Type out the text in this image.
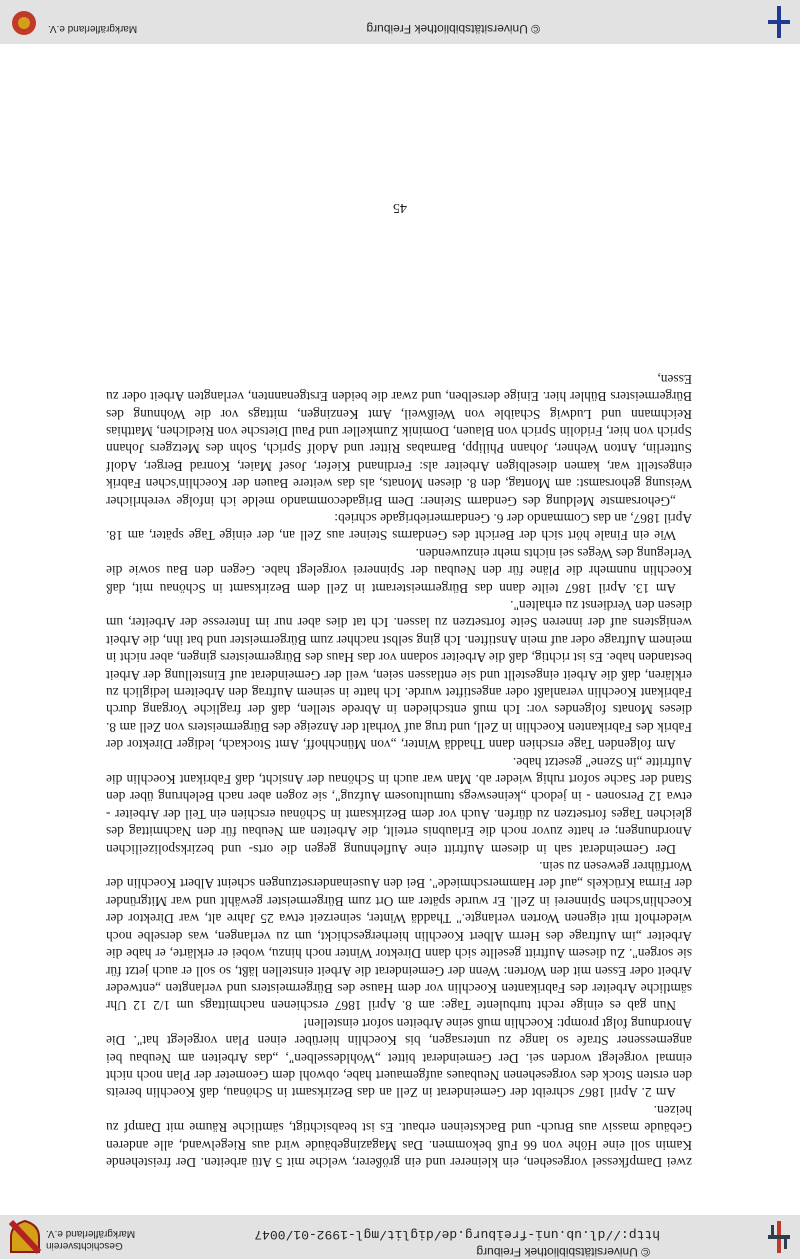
© Universitätsbibliothek Freiburg
http://dl.ub.uni-freiburg.de/diglit/mgl-1992-01/0047
Geschichtsverein
Markgräflerland e.V.

zwei Dampfkessel vorgesehen, ein kleinerer und ein größerer, welche mit 5 Atü arbeiten. Der freistehende Kamin soll eine Höhe von 66 Fuß bekommen. Das Magazingebäude wird aus Riegelwand, alle anderen Gebäude massiv aus Bruch- und Backsteinen erbaut. Es ist beabsichtigt, sämtliche Räume mit Dampf zu heizen.

Am 2. April 1867 schreibt der Gemeinderat in Zell an das Bezirksamt in Schönau, daß Koechlin bereits den ersten Stock des vorgesehenen Neubaues aufgemauert habe, obwohl dem Geometer der Plan noch nicht einmal vorgelegt worden sei. Der Gemeinderat bittet „Wohldesselben", „das Arbeiten am Neubau bei angemessener Strafe so lange zu untersagen, bis Koechlin hierüber einen Plan vorgelegt hat". Die Anordnung folgt prompt: Koechlin muß seine Arbeiten sofort einstellen!

Nun gab es einige recht turbulente Tage: am 8. April 1867 erschienen nachmittags um 1/2 12 Uhr sämtliche Arbeiter des Fabrikanten Koechlin vor dem Hause des Bürgermeisters und verlangten „entweder Arbeit oder Essen mit den Worten: Wenn der Gemeinderat die Arbeit einstellen läßt, so soll er auch jetzt für sie sorgen". Zu diesem Auftritt gesellte sich dann Direktor Winter noch hinzu, wobei er erklärte, er habe die Arbeiter „im Auftrage des Herrn Albert Koechlin hierhergeschickt, um zu verlangen, was derselbe noch wiederholt mit eigenen Worten verlangte." Thaddä Winter, seinerzeit etwa 25 Jahre alt, war Direktor der Koechlin'schen Spinnerei in Zell. Er wurde später am Ort zum Bürgermeister gewählt und war Mitgründer der Firma Krückels „auf der Hammerschmiede". Bei den Auseinandersetzungen scheint Albert Koechlin der Wortführer gewesen zu sein.

Der Gemeinderat sah in diesem Auftritt eine Auflehnung gegen die orts- und bezirkspolizeilichen Anordnungen; er hatte zuvor noch die Erlaubnis erteilt, die Arbeiten am Neubau für den Nachmittag des gleichen Tages fortsetzen zu dürfen. Auch vor dem Bezirksamt in Schönau erschien ein Teil der Arbeiter - etwa 12 Personen - in jedoch „keineswegs tumultuosem Aufzug", sie zogen aber nach Belehrung über den Stand der Sache sofort ruhig wieder ab. Man war auch in Schönau der Ansicht, daß Fabrikant Koechlin die Auftritte „in Szene" gesetzt habe.

Am folgenden Tage erschien dann Thaddä Winter, „von Münchhoff, Amt Stockach, lediger Direktor der Fabrik des Fabrikanten Koechlin in Zell, und trug auf Vorhalt der Anzeige des Bürgermeisters von Zell am 8. dieses Monats folgendes vor: Ich muß entschieden in Abrede stellen, daß der fragliche Vorgang durch Fabrikant Koechlin veranlaßt oder angestiftet wurde. Ich hatte in seinem Auftrag den Arbeitern lediglich zu erklären, daß die Arbeit eingestellt und sie entlassen seien, weil der Gemeinderat auf Einstellung der Arbeit bestanden habe. Es ist richtig, daß die Arbeiter sodann vor das Haus des Bürgermeisters gingen, aber nicht in meinem Auftrage oder auf mein Anstiften. Ich ging selbst nachher zum Bürgermeister und bat ihn, die Arbeit wenigstens auf der inneren Seite fortsetzen zu lassen. Ich tat dies aber nur im Interesse der Arbeiter, um diesen den Verdienst zu erhalten".

Am 13. April 1867 teilte dann das Bürgermeisteramt in Zell dem Bezirksamt in Schönau mit, daß Koechlin nunmehr die Pläne für den Neubau der Spinnerei vorgelegt habe. Gegen den Bau sowie die Verlegung des Weges sei nichts mehr einzuwenden.

Wie ein Finale hört sich der Bericht des Gendarms Steiner aus Zell an, der einige Tage später, am 18. April 1867, an das Commando der 6. Gendarmeriebrigade schrieb:

„Gehorsamste Meldung des Gendarm Steiner: Dem Brigadecommando melde ich infolge verehrlicher Weisung gehorsamst: am Montag, den 8. diesen Monats, als das weitere Bauen der Koechlin'schen Fabrik eingestellt war, kamen dieselbigen Arbeiter als: Ferdinand Kiefer, Josef Maier, Konrad Berger, Adolf Sutterlin, Anton Wehner, Johann Philipp, Barnabas Ritter und Adolf Sprich, Sohn des Metzgers Johann Sprich von hier, Fridolin Sprich von Blauen, Dominik Zumkeller und Paul Dietsche von Riedichen, Matthias Reichmann und Ludwig Schaible von Weißweil, Amt Kenzingen, mittags vor die Wohnung des Bürgermeisters Bühler hier. Einige derselben, und zwar die beiden Erstgenannten, verlangten Arbeit oder zu Essen,

45
© Universitätsbibliothek Freiburg
Markgräflerland e.V.
